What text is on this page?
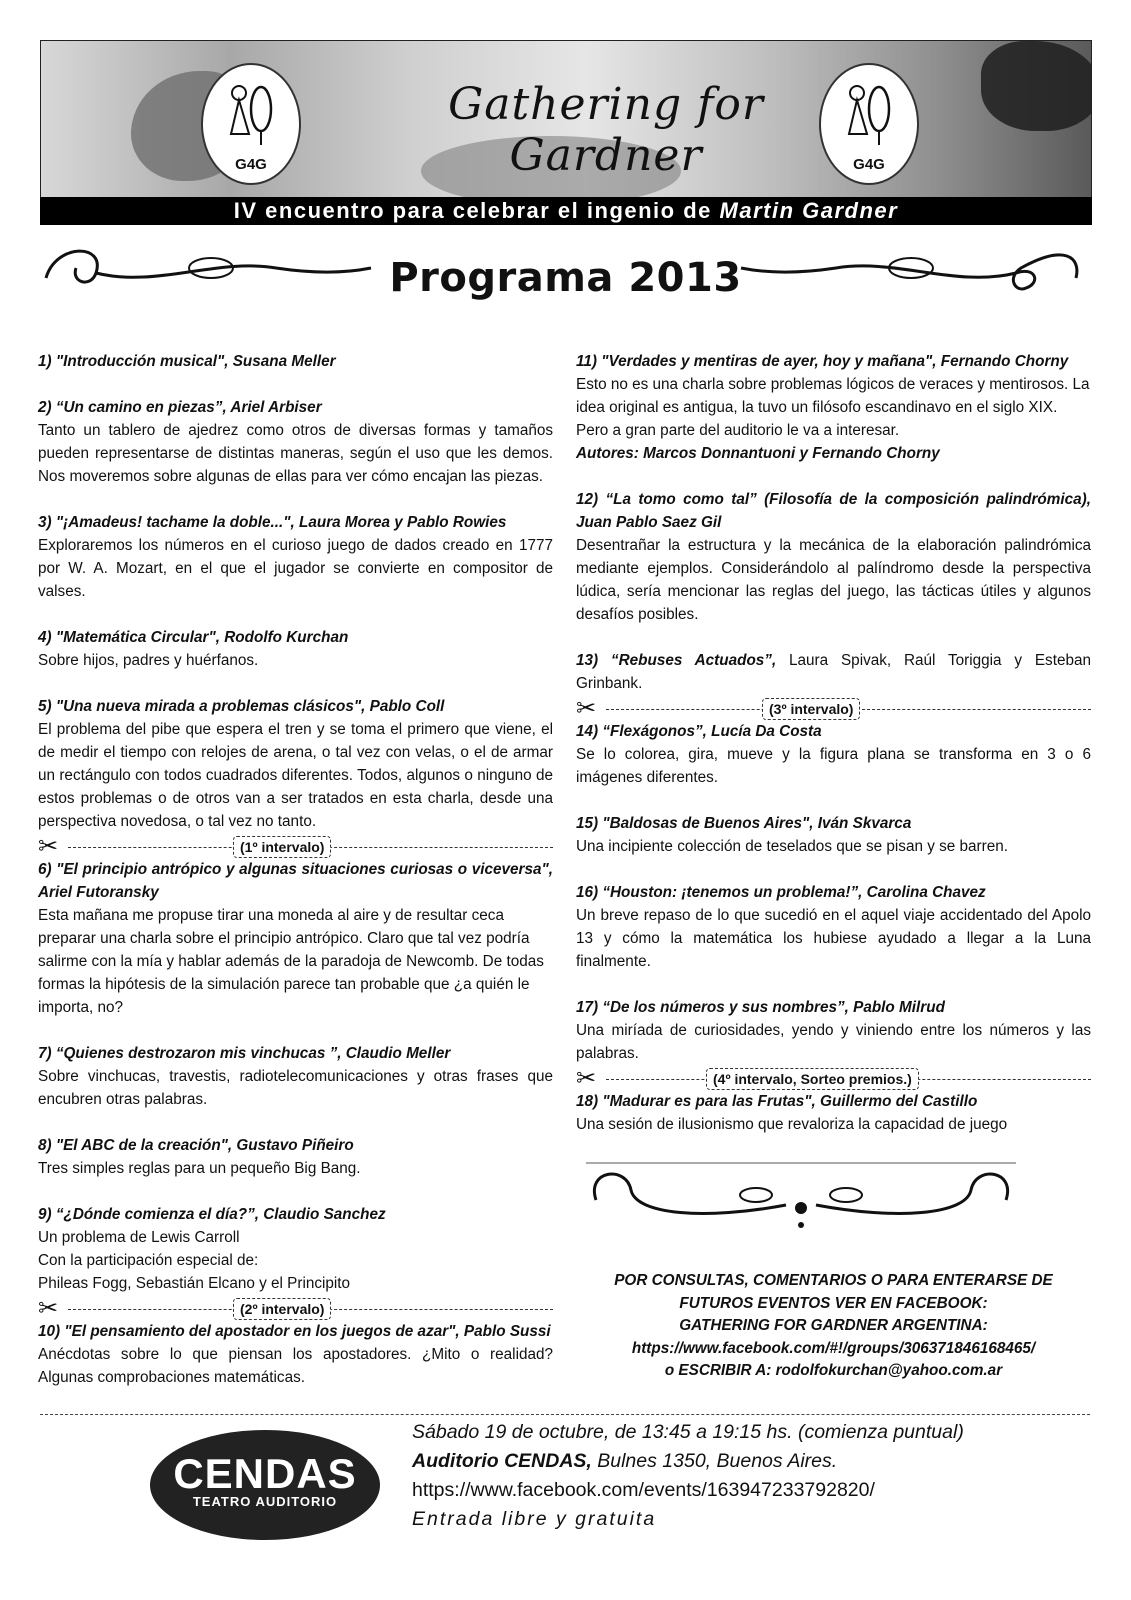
G4G	G4G
Gathering for Gardner
IV encuentro para celebrar el ingenio de Martin Gardner
Programa 2013
1) "Introducción musical", Susana Meller
2) “Un camino en piezas”, Ariel Arbiser

Tanto un tablero de ajedrez como otros de diversas formas y tamaños pueden representarse de distintas maneras, según el uso que les demos. Nos moveremos sobre algunas de ellas para ver cómo encajan las piezas.

3) "¡Amadeus! tachame la doble...", Laura Morea y Pablo Rowies

Exploraremos los números en el curioso juego de dados creado en 1777 por W. A. Mozart, en el que el jugador se convierte en compositor de valses.

4) "Matemática Circular", Rodolfo Kurchan

Sobre hijos, padres y huérfanos.

5) "Una nueva mirada a problemas clásicos", Pablo Coll

El problema del pibe que espera el tren y se toma el primero que viene, el de medir el tiempo con relojes de arena, o tal vez con velas, o el de armar un rectángulo con todos cuadrados diferentes. Todos, algunos o ninguno de estos problemas o de otros van a ser tratados en esta charla, desde una perspectiva novedosa, o tal vez no tanto.

✂	(1º intervalo)
6) "El principio antrópico y algunas situaciones curiosas o viceversa", Ariel Futoransky

Esta mañana me propuse tirar una moneda al aire y de resultar ceca preparar una charla sobre el principio antrópico. Claro que tal vez podría salirme con la mía y hablar además de la paradoja de Newcomb. De todas formas la hipótesis de la simulación parece tan probable que ¿a quién le importa, no?

7) “Quienes destrozaron mis vinchucas ”, Claudio Meller

Sobre vinchucas, travestis, radiotelecomunicaciones y otras frases que encubren otras palabras.

8) "El ABC de la creación", Gustavo Piñeiro

Tres simples reglas para un pequeño Big Bang.

9) “¿Dónde comienza el día?”, Claudio Sanchez

Un problema de Lewis Carroll
Con la participación especial de:
Phileas Fogg, Sebastián Elcano y el Principito

✂	(2º intervalo)
10) "El pensamiento del apostador en los juegos de azar", Pablo Sussi

Anécdotas sobre lo que piensan los apostadores. ¿Mito o realidad? Algunas comprobaciones matemáticas.

11) "Verdades y mentiras de ayer, hoy y mañana", Fernando Chorny

Esto no es una charla sobre problemas lógicos de veraces y mentirosos. La idea original es antigua, la tuvo un filósofo escandinavo en el siglo XIX. Pero a gran parte del auditorio le va a interesar.

Autores: Marcos Donnantuoni y Fernando Chorny

12) “La tomo como tal” (Filosofía de la composición palindrómica), Juan Pablo Saez Gil

Desentrañar la estructura y la mecánica de la elaboración palindrómica mediante ejemplos. Considerándolo al palíndromo desde la perspectiva lúdica, sería mencionar las reglas del juego, las tácticas útiles y algunos desafíos posibles.

13) “Rebuses Actuados”, Laura Spivak, Raúl Toriggia y Esteban Grinbank.
✂	(3º intervalo)
14) “Flexágonos”, Lucía Da Costa

Se lo colorea, gira, mueve y la figura plana se transforma en 3 o 6 imágenes diferentes.

15) "Baldosas de Buenos Aires", Iván Skvarca

Una incipiente colección de teselados que se pisan y se barren.

16) “Houston: ¡tenemos un problema!”, Carolina Chavez

Un breve repaso de lo que sucedió en el aquel viaje accidentado del Apolo 13 y cómo la matemática los hubiese ayudado a llegar a la Luna finalmente.

17) “De los números y sus nombres”, Pablo Milrud

Una miríada de curiosidades, yendo y viniendo entre los números y las palabras.

✂	(4º intervalo, Sorteo premios.)
18) "Madurar es para las Frutas", Guillermo del Castillo

Una sesión de ilusionismo que revaloriza la capacidad de juego

POR CONSULTAS, COMENTARIOS O PARA ENTERARSE DE
FUTUROS EVENTOS VER EN FACEBOOK:
GATHERING FOR GARDNER ARGENTINA:
https://www.facebook.com/#!/groups/306371846168465/
o ESCRIBIR A: rodolfokurchan@yahoo.com.ar
CENDAS
TEATRO AUDITORIO
Sábado 19 de octubre, de 13:45 a 19:15 hs. (comienza puntual)
Auditorio CENDAS, Bulnes 1350, Buenos Aires.
https://www.facebook.com/events/163947233792820/
Entrada libre y gratuita
